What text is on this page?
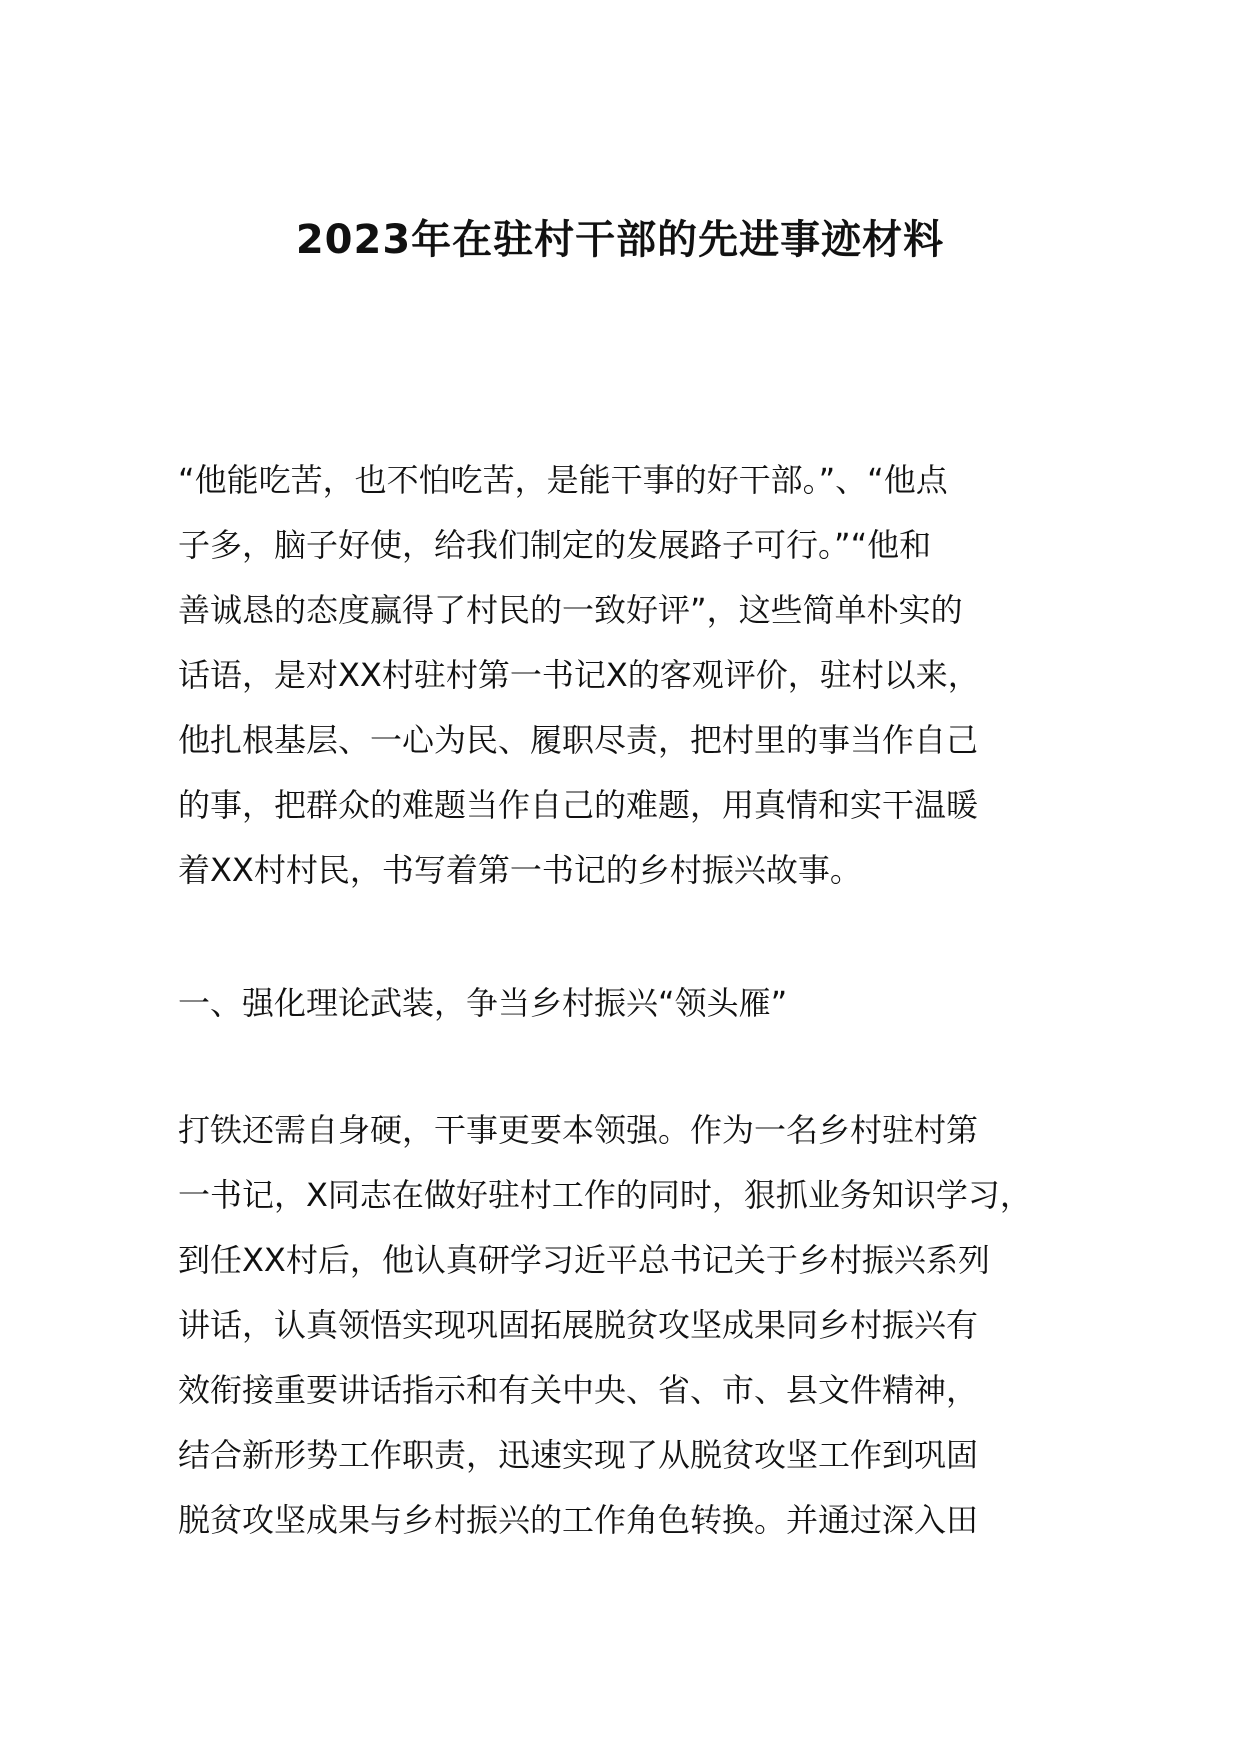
2023年在驻村干部的先进事迹材料
“他能吃苦，也不怕吃苦，是能干事的好干部。”、“他点
子多，脑子好使，给我们制定的发展路子可行。”“他和
善诚恳的态度赢得了村民的一致好评”，这些简单朴实的
话语，是对XX村驻村第一书记X的客观评价，驻村以来，
他扎根基层、一心为民、履职尽责，把村里的事当作自己
的事，把群众的难题当作自己的难题，用真情和实干温暖
着XX村村民，书写着第一书记的乡村振兴故事。
一、强化理论武装，争当乡村振兴“领头雁”
打铁还需自身硬，干事更要本领强。作为一名乡村驻村第
一书记，X同志在做好驻村工作的同时，狠抓业务知识学习，
到任XX村后，他认真研学习近平总书记关于乡村振兴系列
讲话，认真领悟实现巩固拓展脱贫攻坚成果同乡村振兴有
效衔接重要讲话指示和有关中央、省、市、县文件精神，
结合新形势工作职责，迅速实现了从脱贫攻坚工作到巩固
脱贫攻坚成果与乡村振兴的工作角色转换。并通过深入田
